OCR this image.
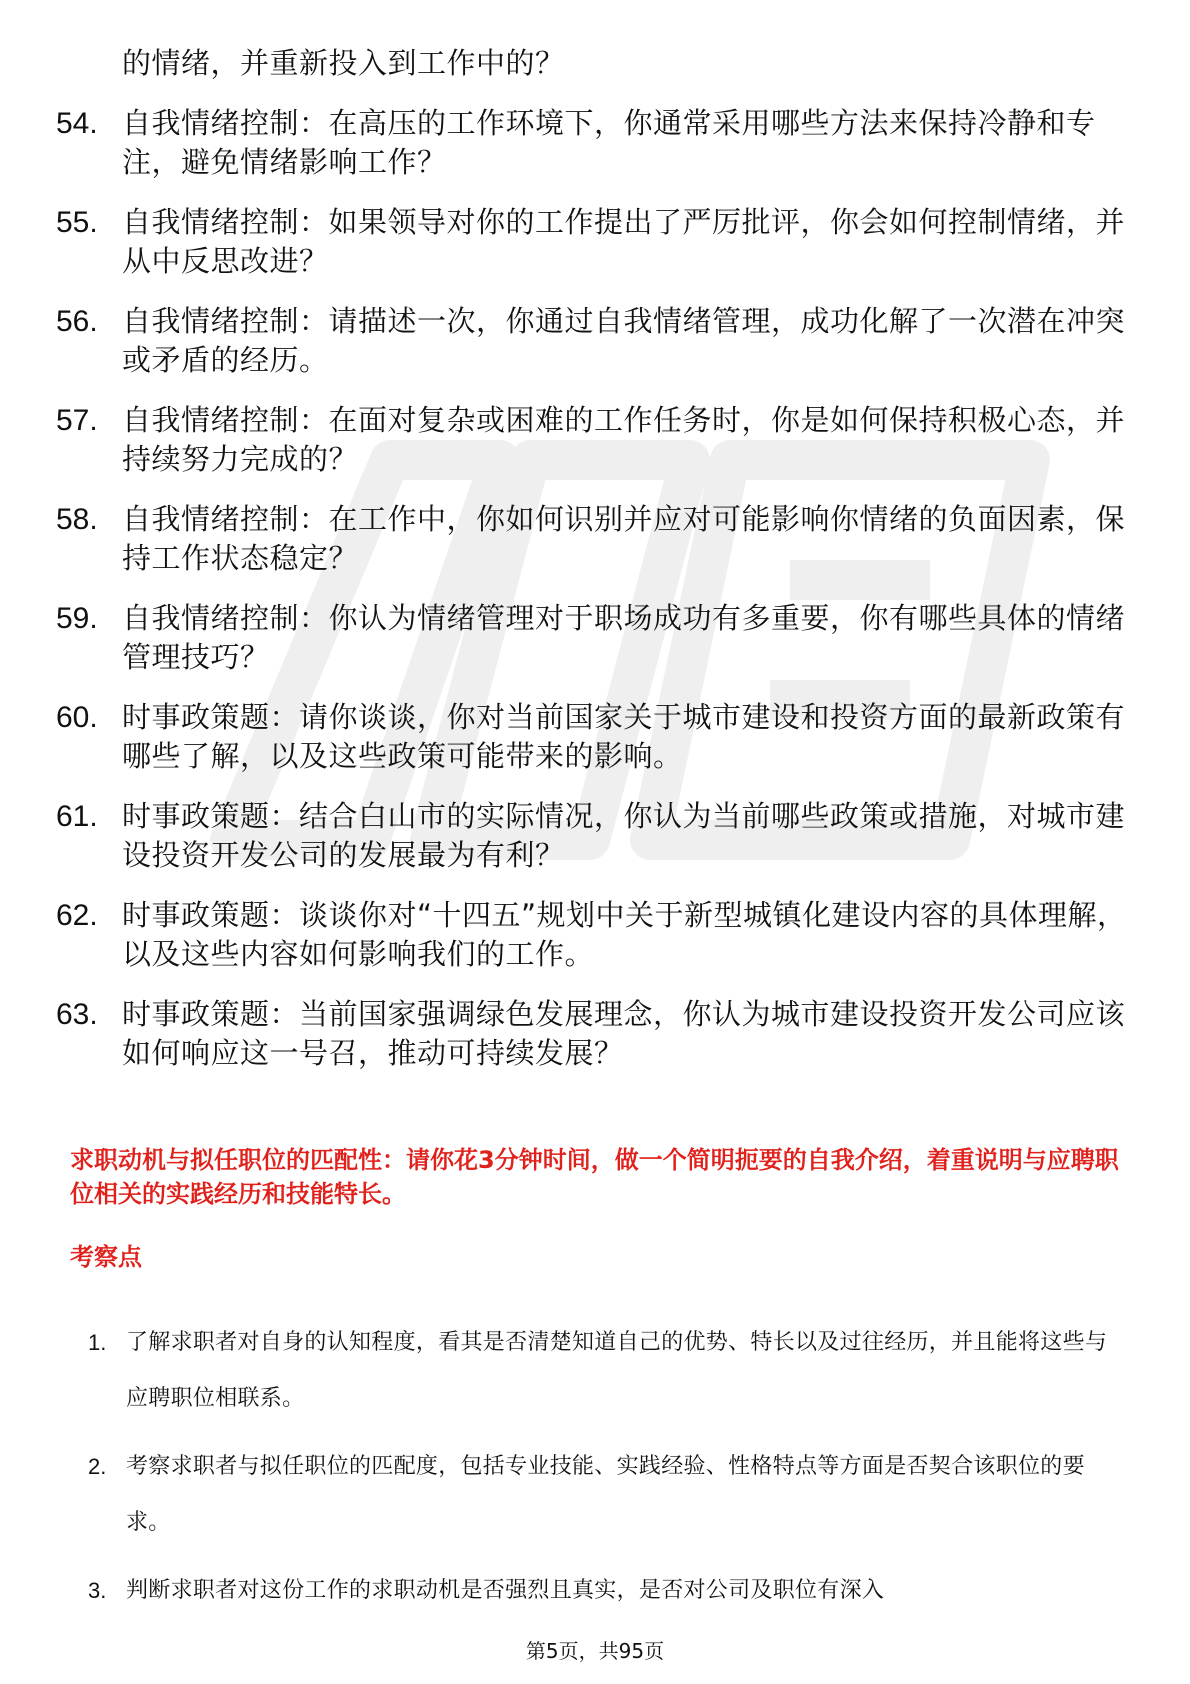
的情绪，并重新投入到工作中的？
54. 自我情绪控制：在高压的工作环境下，你通常采用哪些方法来保持冷静和专注，避免情绪影响工作？
55. 自我情绪控制：如果领导对你的工作提出了严厉批评，你会如何控制情绪，并从中反思改进？
56. 自我情绪控制：请描述一次，你通过自我情绪管理，成功化解了一次潜在冲突或矛盾的经历。
57. 自我情绪控制：在面对复杂或困难的工作任务时，你是如何保持积极心态，并持续努力完成的？
58. 自我情绪控制：在工作中，你如何识别并应对可能影响你情绪的负面因素，保持工作状态稳定？
59. 自我情绪控制：你认为情绪管理对于职场成功有多重要，你有哪些具体的情绪管理技巧？
60. 时事政策题：请你谈谈，你对当前国家关于城市建设和投资方面的最新政策有哪些了解，以及这些政策可能带来的影响。
61. 时事政策题：结合白山市的实际情况，你认为当前哪些政策或措施，对城市建设投资开发公司的发展最为有利？
62. 时事政策题：谈谈你对“十四五”规划中关于新型城镇化建设内容的具体理解，以及这些内容如何影响我们的工作。
63. 时事政策题：当前国家强调绿色发展理念，你认为城市建设投资开发公司应该如何响应这一号召，推动可持续发展？
求职动机与拟任职位的匹配性：请你花3分钟时间，做一个简明扼要的自我介绍，着重说明与应聘职位相关的实践经历和技能特长。
考察点
1. 了解求职者对自身的认知程度，看其是否清楚知道自己的优势、特长以及过往经历，并且能将这些与应聘职位相联系。
2. 考察求职者与拟任职位的匹配度，包括专业技能、实践经验、性格特点等方面是否契合该职位的要求。
3. 判断求职者对这份工作的求职动机是否强烈且真实，是否对公司及职位有深入
第5页，共95页
